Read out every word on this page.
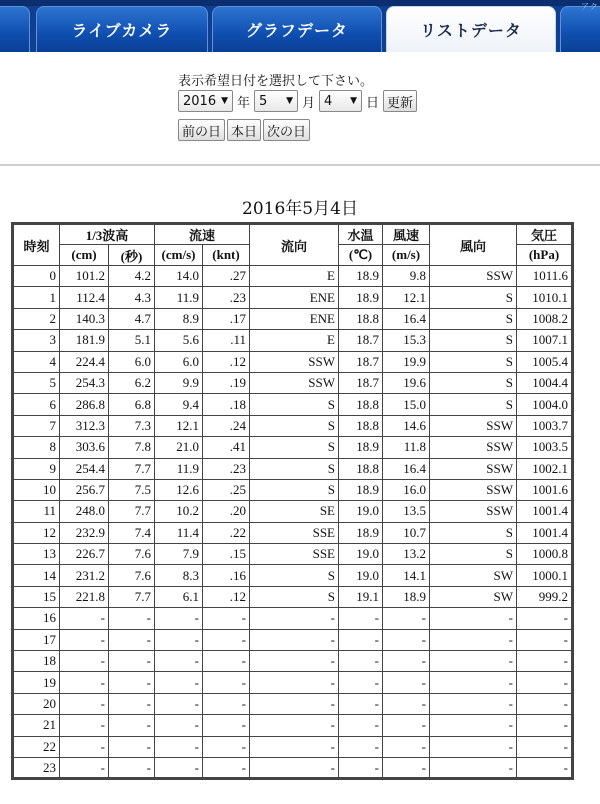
ライブカメラ	グラフデータ	リストデータ
アク
表示希望日付を選択して下さい。
2016 ▼ 年 5 ▼ 月 4 ▼ 日 更新
前の日 本日 次の日
2016年5月4日
時刻	1/3波高		流速		流向	水温	風速	風向	気圧
	(cm)	(秒)	(cm/s)	(knt)		(℃)	(m/s)		(hPa)
0	101.2	4.2	14.0	.27	E	18.9	9.8	SSW	1011.6
1	112.4	4.3	11.9	.23	ENE	18.9	12.1	S	1010.1
2	140.3	4.7	8.9	.17	ENE	18.8	16.4	S	1008.2
3	181.9	5.1	5.6	.11	E	18.7	15.3	S	1007.1
4	224.4	6.0	6.0	.12	SSW	18.7	19.9	S	1005.4
5	254.3	6.2	9.9	.19	SSW	18.7	19.6	S	1004.4
6	286.8	6.8	9.4	.18	S	18.8	15.0	S	1004.0
7	312.3	7.3	12.1	.24	S	18.8	14.6	SSW	1003.7
8	303.6	7.8	21.0	.41	S	18.9	11.8	SSW	1003.5
9	254.4	7.7	11.9	.23	S	18.8	16.4	SSW	1002.1
10	256.7	7.5	12.6	.25	S	18.9	16.0	SSW	1001.6
11	248.0	7.7	10.2	.20	SE	19.0	13.5	SSW	1001.4
12	232.9	7.4	11.4	.22	SSE	18.9	10.7	S	1001.4
13	226.7	7.6	7.9	.15	SSE	19.0	13.2	S	1000.8
14	231.2	7.6	8.3	.16	S	19.0	14.1	SW	1000.1
15	221.8	7.7	6.1	.12	S	19.1	18.9	SW	999.2
16	-	-	-	-	-	-	-	-	-
17	-	-	-	-	-	-	-	-	-
18	-	-	-	-	-	-	-	-	-
19	-	-	-	-	-	-	-	-	-
20	-	-	-	-	-	-	-	-	-
21	-	-	-	-	-	-	-	-	-
22	-	-	-	-	-	-	-	-	-
23	-	-	-	-	-	-	-	-	-
